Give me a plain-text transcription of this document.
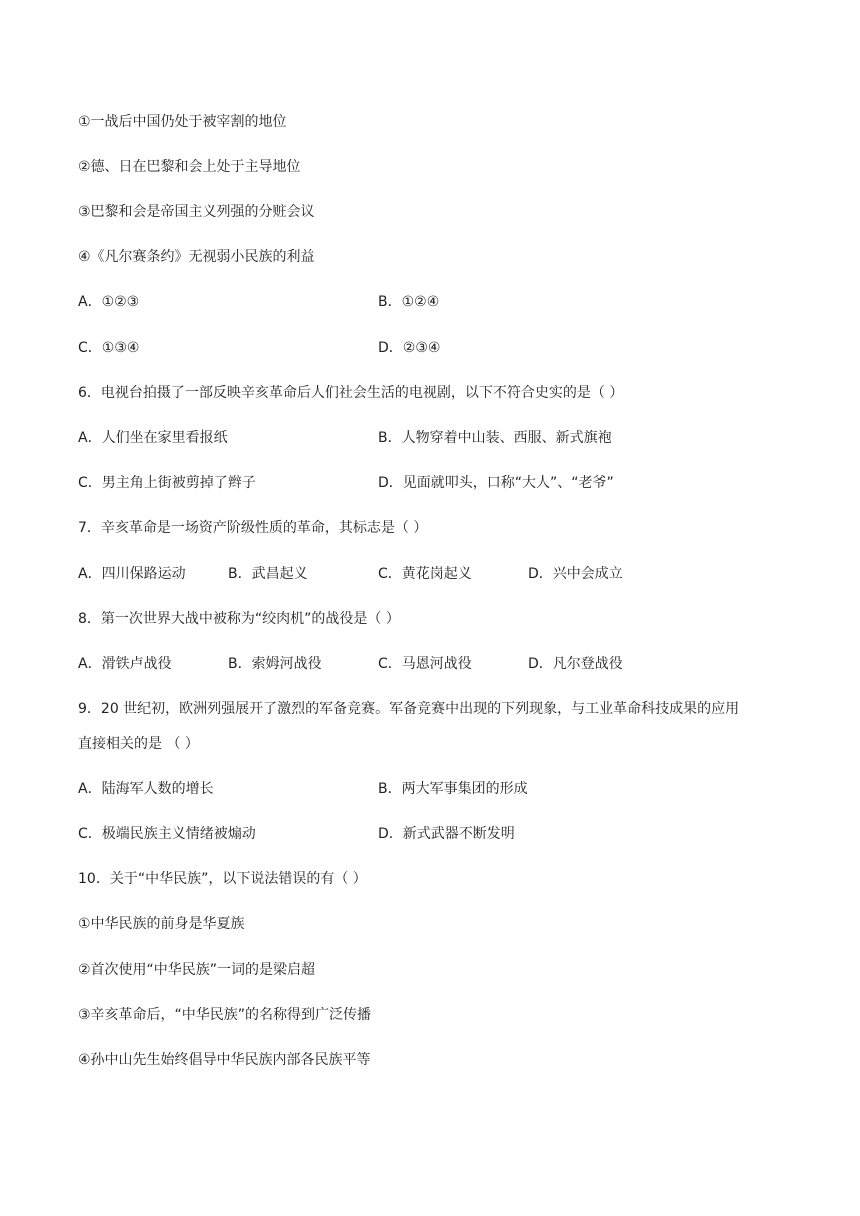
①一战后中国仍处于被宰割的地位
②德、日在巴黎和会上处于主导地位
③巴黎和会是帝国主义列强的分赃会议
④《凡尔赛条约》无视弱小民族的利益
A．①②③	B．①②④
C．①③④	D．②③④
6．电视台拍摄了一部反映辛亥革命后人们社会生活的电视剧，以下不符合史实的是（ ）
A．人们坐在家里看报纸	B．人物穿着中山装、西服、新式旗袍
C．男主角上街被剪掉了辫子	D．见面就叩头，口称“大人”、“老爷”
7．辛亥革命是一场资产阶级性质的革命，其标志是（ ）
A．四川保路运动	B．武昌起义	C．黄花岗起义	D．兴中会成立
8．第一次世界大战中被称为“绞肉机”的战役是（ ）
A．滑铁卢战役	B．索姆河战役	C．马恩河战役	D．凡尔登战役
9．20 世纪初，欧洲列强展开了激烈的军备竞赛。军备竞赛中出现的下列现象，与工业革命科技成果的应用
直接相关的是 （ ）
A．陆海军人数的增长	B．两大军事集团的形成
C．极端民族主义情绪被煽动	D．新式武器不断发明
10．关于“中华民族”，以下说法错误的有（ ）
①中华民族的前身是华夏族
②首次使用“中华民族”一词的是梁启超
③辛亥革命后，“中华民族”的名称得到广泛传播
④孙中山先生始终倡导中华民族内部各民族平等
